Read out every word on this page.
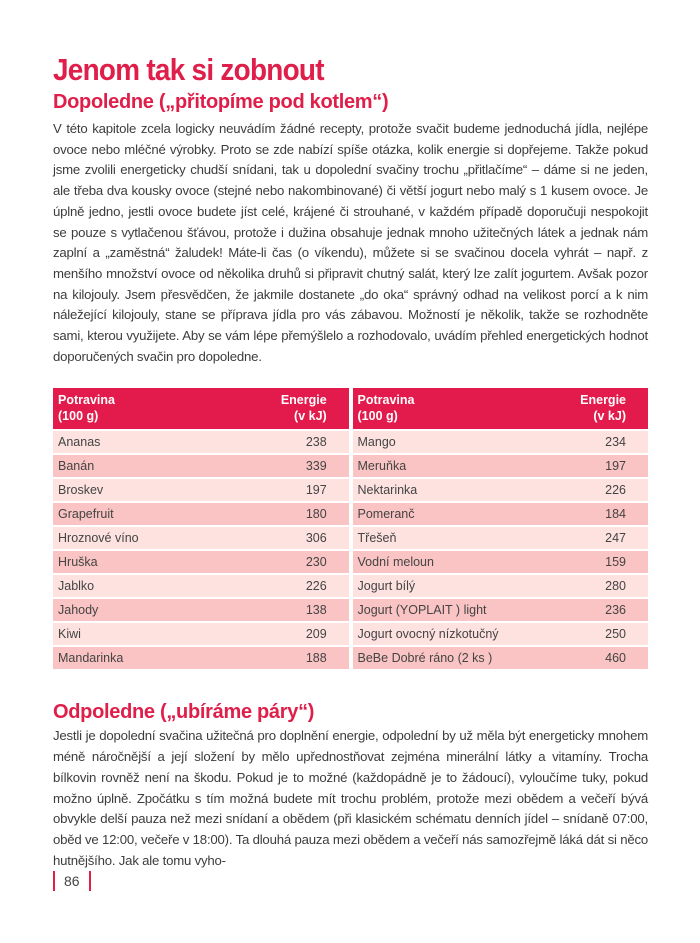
Jenom tak si zobnout
Dopoledne („přitopíme pod kotlem“)

V této kapitole zcela logicky neuvádím žádné recepty, protože svačit budeme jednoduchá jídla, nejlépe ovoce nebo mléčné výrobky. Proto se zde nabízí spíše otázka, kolik energie si dopřejeme. Takže pokud jsme zvolili energeticky chudší snídani, tak u dopolední svačiny trochu „přitlačíme“ – dáme si ne jeden, ale třeba dva kousky ovoce (stejné nebo nakombinované) či větší jogurt nebo malý s 1 kusem ovoce. Je úplně jedno, jestli ovoce budete jíst celé, krájené či strouhané, v každém případě doporučuji nespokojit se pouze s vytlačenou šťávou, protože i dužina obsahuje jednak mnoho užitečných látek a jednak nám zaplní a „zaměstná“ žaludek! Máte-li čas (o víkendu), můžete si se svačinou docela vyhrát – např. z menšího množství ovoce od několika druhů si připravit chutný salát, který lze zalít jogurtem. Avšak pozor na kilojouly. Jsem přesvědčen, že jakmile dostanete „do oka“ správný odhad na velikost porcí a k nim náležející kilojouly, stane se příprava jídla pro vás zábavou. Možností je několik, takže se rozhodněte sami, kterou využijete. Aby se vám lépe přemýšlelo a rozhodovalo, uvádím přehled energetických hodnot doporučených svačin pro dopoledne.

Potravina
(100 g)	Energie
(v kJ)		Potravina
(100 g)	Energie
(v kJ)
Ananas	238		Mango	234
Banán	339		Meruňka	197
Broskev	197		Nektarinka	226
Grapefruit	180		Pomeranč	184
Hroznové víno	306		Třešeň	247
Hruška	230		Vodní meloun	159
Jablko	226		Jogurt bílý	280
Jahody	138		Jogurt (YOPLAIT ) light	236
Kiwi	209		Jogurt ovocný nízkotučný	250
Mandarinka	188		BeBe Dobré ráno (2 ks )	460
Odpoledne („ubíráme páry“)

Jestli je dopolední svačina užitečná pro doplnění energie, odpolední by už měla být energeticky mnohem méně náročnější a její složení by mělo upřednostňovat zejména minerální látky a vitamíny. Trocha bílkovin rovněž není na škodu. Pokud je to možné (každopádně je to žádoucí), vyloučíme tuky, pokud možno úplně. Zpočátku s tím možná budete mít trochu problém, protože mezi obědem a večeří bývá obvykle delší pauza než mezi snídaní a obědem (při klasickém schématu denních jídel – snídaně 07:00, oběd ve 12:00, večeře v 18:00). Ta dlouhá pauza mezi obědem a večeří nás samozřejmě láká dát si něco hutnějšího. Jak ale tomu vyho-

86
